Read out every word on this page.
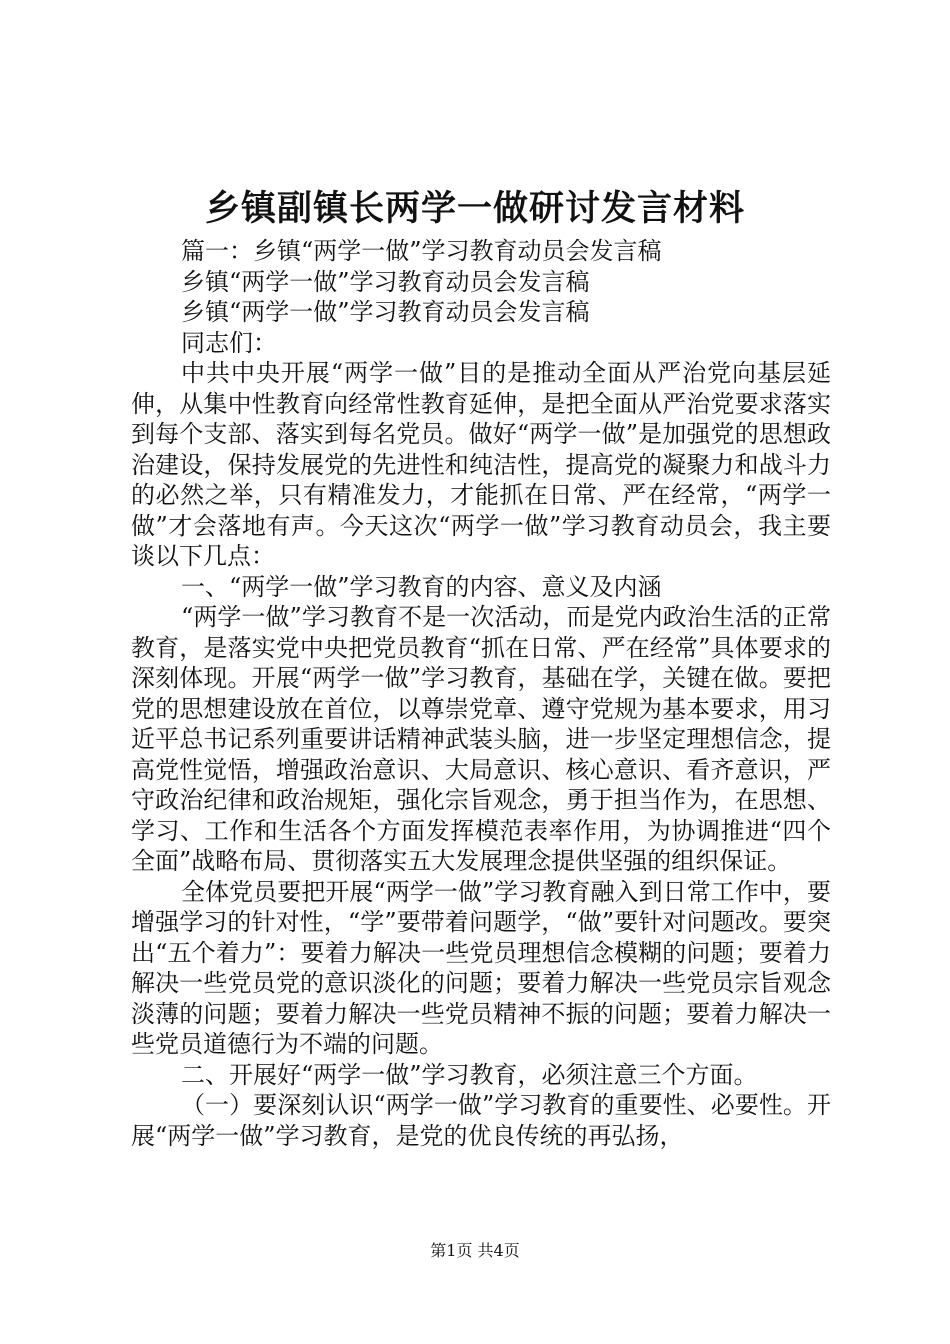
乡镇副镇长两学一做研讨发言材料

篇一：乡镇“两学一做”学习教育动员会发言稿

乡镇“两学一做”学习教育动员会发言稿

乡镇“两学一做”学习教育动员会发言稿

同志们：

中共中央开展“两学一做”目的是推动全面从严治党向基层延伸，从集中性教育向经常性教育延伸，是把全面从严治党要求落实到每个支部、落实到每名党员。做好“两学一做”是加强党的思想政治建设，保持发展党的先进性和纯洁性，提高党的凝聚力和战斗力的必然之举，只有精准发力，才能抓在日常、严在经常，“两学一做”才会落地有声。今天这次“两学一做”学习教育动员会，我主要谈以下几点：

一、“两学一做”学习教育的内容、意义及内涵

“两学一做”学习教育不是一次活动，而是党内政治生活的正常教育，是落实党中央把党员教育“抓在日常、严在经常”具体要求的深刻体现。开展“两学一做”学习教育，基础在学，关键在做。要把党的思想建设放在首位，以尊崇党章、遵守党规为基本要求，用习近平总书记系列重要讲话精神武装头脑，进一步坚定理想信念，提高党性觉悟，增强政治意识、大局意识、核心意识、看齐意识，严守政治纪律和政治规矩，强化宗旨观念，勇于担当作为，在思想、学习、工作和生活各个方面发挥模范表率作用，为协调推进“四个全面”战略布局、贯彻落实五大发展理念提供坚强的组织保证。

全体党员要把开展“两学一做”学习教育融入到日常工作中，要增强学习的针对性，“学”要带着问题学，“做”要针对问题改。要突出“五个着力”：要着力解决一些党员理想信念模糊的问题；要着力解决一些党员党的意识淡化的问题；要着力解决一些党员宗旨观念淡薄的问题；要着力解决一些党员精神不振的问题；要着力解决一些党员道德行为不端的问题。

二、开展好“两学一做”学习教育，必须注意三个方面。

（一）要深刻认识“两学一做”学习教育的重要性、必要性。开展“两学一做”学习教育，是党的优良传统的再弘扬，

第1页 共4页
